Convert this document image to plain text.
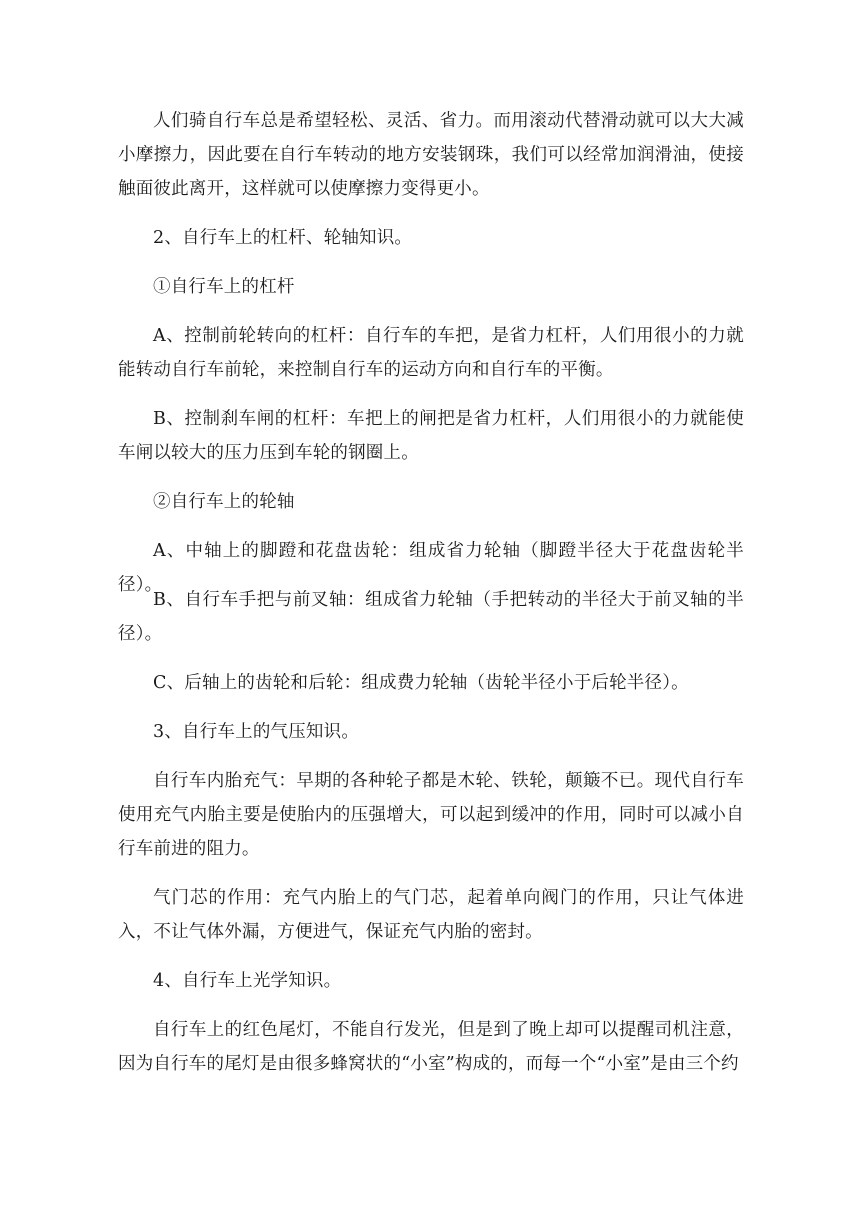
人们骑自行车总是希望轻松、灵活、省力。而用滚动代替滑动就可以大大减小摩擦力，因此要在自行车转动的地方安装钢珠，我们可以经常加润滑油，使接触面彼此离开，这样就可以使摩擦力变得更小。

2、自行车上的杠杆、轮轴知识。

①自行车上的杠杆

A、控制前轮转向的杠杆：自行车的车把，是省力杠杆，人们用很小的力就能转动自行车前轮，来控制自行车的运动方向和自行车的平衡。

B、控制刹车闸的杠杆：车把上的闸把是省力杠杆，人们用很小的力就能使车闸以较大的压力压到车轮的钢圈上。

②自行车上的轮轴

A、中轴上的脚蹬和花盘齿轮：组成省力轮轴（脚蹬半径大于花盘齿轮半径）。

B、自行车手把与前叉轴：组成省力轮轴（手把转动的半径大于前叉轴的半径）。

C、后轴上的齿轮和后轮：组成费力轮轴（齿轮半径小于后轮半径）。

3、自行车上的气压知识。

自行车内胎充气：早期的各种轮子都是木轮、铁轮，颠簸不已。现代自行车使用充气内胎主要是使胎内的压强增大，可以起到缓冲的作用，同时可以减小自行车前进的阻力。

气门芯的作用：充气内胎上的气门芯，起着单向阀门的作用，只让气体进入，不让气体外漏，方便进气，保证充气内胎的密封。

4、自行车上光学知识。

自行车上的红色尾灯，不能自行发光，但是到了晚上却可以提醒司机注意，因为自行车的尾灯是由很多蜂窝状的“小室”构成的，而每一个“小室”是由三个约
